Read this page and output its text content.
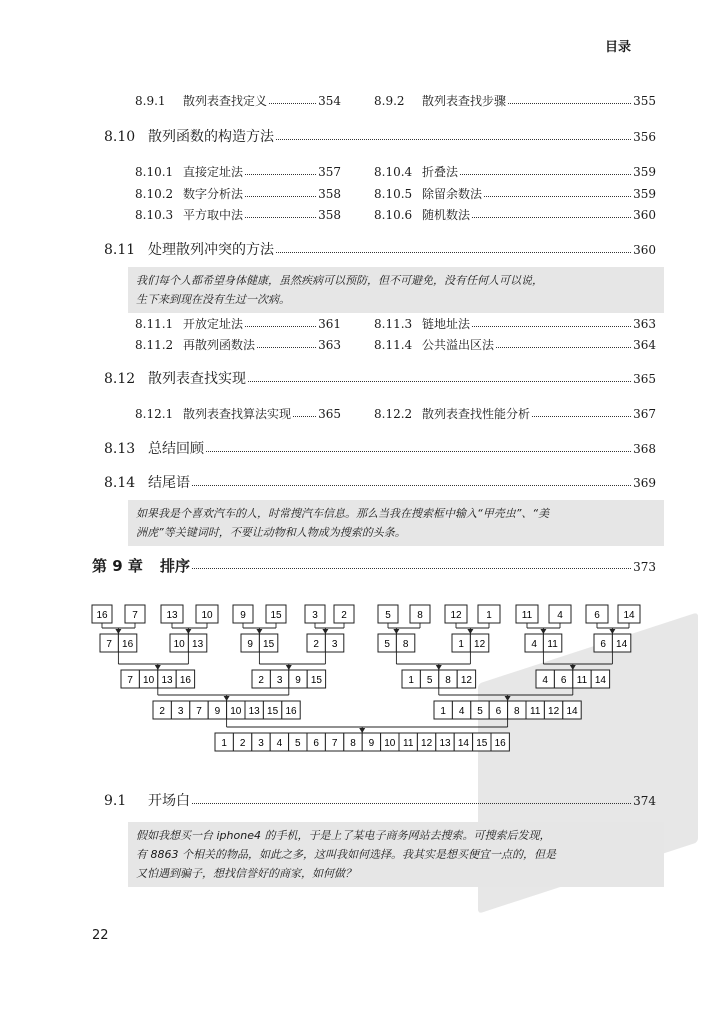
目录
8.9.1	散列表查找定义	354	8.9.2	散列表查找步骤	355
8.10 散列函数的构造方法	356
8.10.1 直接定址法	357
8.10.2 数字分析法	358
8.10.3 平方取中法	358
8.10.4 折叠法	359
8.10.5 除留余数法	359
8.10.6 随机数法	360
8.11 处理散列冲突的方法	360
我们每个人都希望身体健康，虽然疾病可以预防，但不可避免，没有任何人可以说，
生下来到现在没有生过一次病。
8.11.1 开放定址法	361
8.11.2 再散列函数法	363
8.11.3 链地址法	363
8.11.4 公共溢出区法	364
8.12 散列表查找实现	365
8.12.1 散列表查找算法实现 365	8.12.2 散列表查找性能分析	367
8.13 总结回顾	368
8.14 结尾语	369
如果我是个喜欢汽车的人，时常搜汽车信息。那么当我在搜索框中输入“甲壳虫”、“美
洲虎”等关键词时，不要让动物和人物成为搜索的头条。
第 9 章	排序	373
16 7	13 10	9 15	3 2	5	8	12 1	11	4	6 14
7 16	10 13	9 15	2 3	5 8	1 12	4 11	6 14
7 10 13 16	2 3 9 15	1 5 8 12	4 6 11 14
2 3 7 9 10 13 15 16	1 4 5 6 8 11 12 14
1 2 3 4 5 6 7 8 9 10 11 12 13 14 15 16
9.1	开场白	374
假如我想买一台 iphone4 的手机，于是上了某电子商务网站去搜索。可搜索后发现，
有 8863 个相关的物品，如此之多，这叫我如何选择。我其实是想买便宜一点的，但是
又怕遇到骗子，想找信誉好的商家，如何做？
22
